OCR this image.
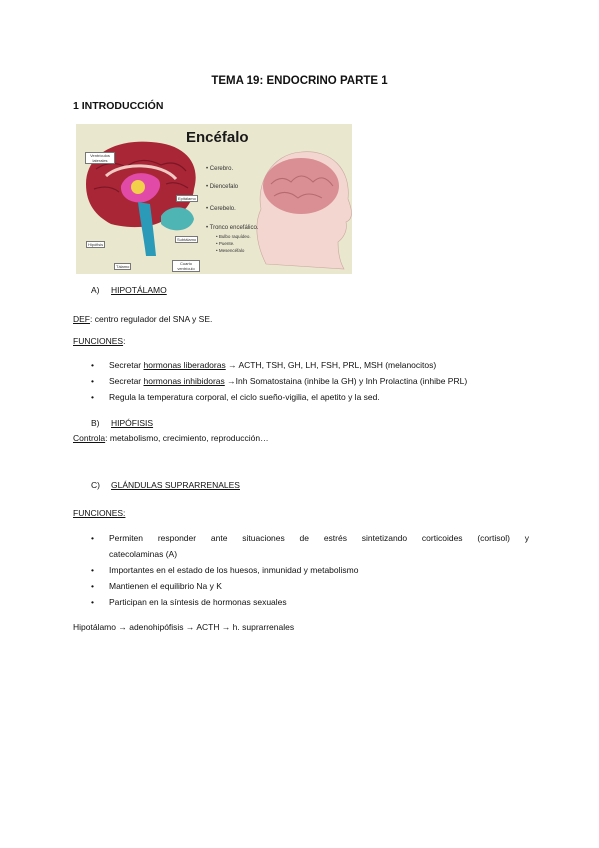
TEMA 19: ENDOCRINO PARTE 1
1 INTRODUCCIÓN
Encéfalo
• Cerebro.
• Diencefalo
• Cerebelo.
• Tronco encefálico.
• Bulbo raquídeo.
• Puente.
• Mesencéfalo
Ventrículos laterales
Epitálamo
Hipófisis
Subtálamo
Tálamo
Cuarto ventrículo
A) HIPOTÁLAMO
DEF: centro regulador del SNA y SE.
FUNCIONES:
• Secretar hormonas liberadoras → ACTH, TSH, GH, LH, FSH, PRL, MSH (melanocitos)
• Secretar hormonas inhibidoras →Inh Somatostaina (inhibe la GH) y Inh Prolactina (inhibe PRL)
• Regula la temperatura corporal, el ciclo sueño-vigilia, el apetito y la sed.
B) HIPÓFISIS
Controla: metabolismo, crecimiento, reproducción…
C) GLÁNDULAS SUPRARRENALES
FUNCIONES:
• Permiten responder ante situaciones de estrés sintetizando corticoides (cortisol) y
catecolaminas (A)
• Importantes en el estado de los huesos, inmunidad y metabolismo
• Mantienen el equilibrio Na y K
• Participan en la síntesis de hormonas sexuales
Hipotálamo → adenohipófisis → ACTH → h. suprarrenales
